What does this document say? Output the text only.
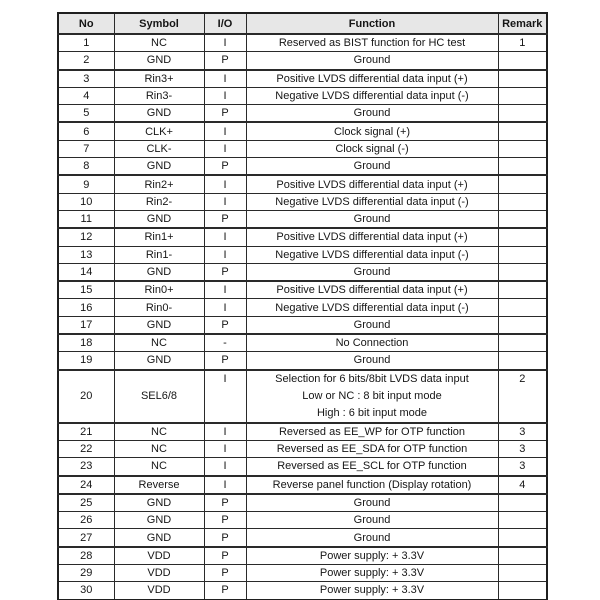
No	Symbol	I/O	Function	Remark
1	NC	I	Reserved as BIST function for HC test	1
2	GND	P	Ground	
3	Rin3+	I	Positive LVDS differential data input (+)	
4	Rin3-	I	Negative LVDS differential data input (-)	
5	GND	P	Ground	
6	CLK+	I	Clock signal (+)	
7	CLK-	I	Clock signal (-)	
8	GND	P	Ground	
9	Rin2+	I	Positive LVDS differential data input (+)	
10	Rin2-	I	Negative LVDS differential data input (-)	
11	GND	P	Ground	
12	Rin1+	I	Positive LVDS differential data input (+)	
13	Rin1-	I	Negative LVDS differential data input (-)	
14	GND	P	Ground	
15	Rin0+	I	Positive LVDS differential data input (+)	
16	Rin0-	I	Negative LVDS differential data input (-)	
17	GND	P	Ground	
18	NC	-	No Connection	
19	GND	P	Ground	
20	SEL6/8	I	Selection for 6 bits/8bit LVDS data input
Low or NC : 8 bit input mode
High : 6 bit input mode	2
21	NC	I	Reversed as EE_WP for OTP function	3
22	NC	I	Reversed as EE_SDA for OTP function	3
23	NC	I	Reversed as EE_SCL for OTP function	3
24	Reverse	I	Reverse panel function (Display rotation)	4
25	GND	P	Ground	
26	GND	P	Ground	
27	GND	P	Ground	
28	VDD	P	Power supply: + 3.3V	
29	VDD	P	Power supply: + 3.3V	
30	VDD	P	Power supply: + 3.3V	
